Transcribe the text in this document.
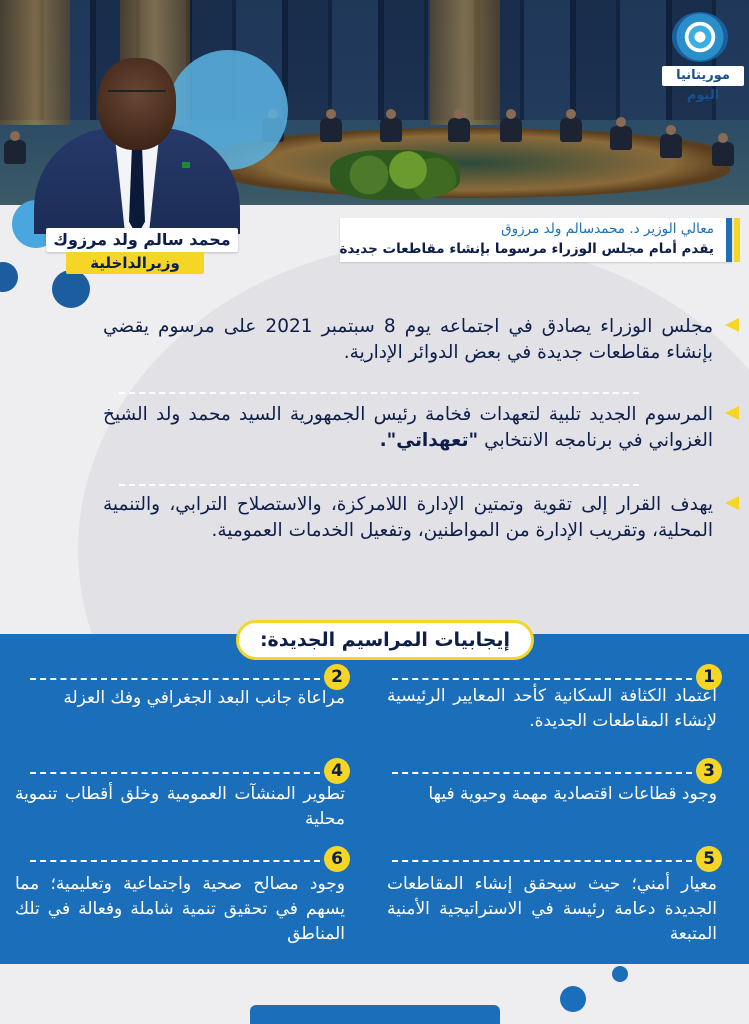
موريتانيا اليوم
محمد سالم ولد مرزوك
وزيرالداخلية
معالي الوزير د. محمدسالم ولد مرزوق
يقدم أمام مجلس الوزراء مرسوما بإنشاء مقاطعات جديدة
مجلس الوزراء يصادق في اجتماعه يوم 8 سبتمبر 2021 على مرسوم يقضي بإنشاء مقاطعات جديدة في بعض الدوائر الإدارية.
المرسوم الجديد تلبية لتعهدات فخامة رئيس الجمهورية السيد محمد ولد الشيخ الغزواني في برنامجه الانتخابي "تعهداتي".
يهدف القرار إلى تقوية وتمتين الإدارة اللامركزة، والاستصلاح الترابي، والتنمية المحلية، وتقريب الإدارة من المواطنين، وتفعيل الخدمات العمومية.
إيجابيات المراسيم الجديدة:
1
اعتماد الكثافة السكانية كأحد المعايير الرئيسية لإنشاء المقاطعات الجديدة.
3
وجود قطاعات اقتصادية مهمة وحيوية فيها
5
معيار أمني؛ حيث سيحقق إنشاء المقاطعات الجديدة دعامة رئيسة في الاستراتيجية الأمنية المتبعة
2
مراعاة جانب البعد الجغرافي وفك العزلة
4
تطوير المنشآت العمومية وخلق أقطاب تنموية محلية
6
وجود مصالح صحية واجتماعية وتعليمية؛ مما يسهم في تحقيق تنمية شاملة وفعالة في تلك المناطق
